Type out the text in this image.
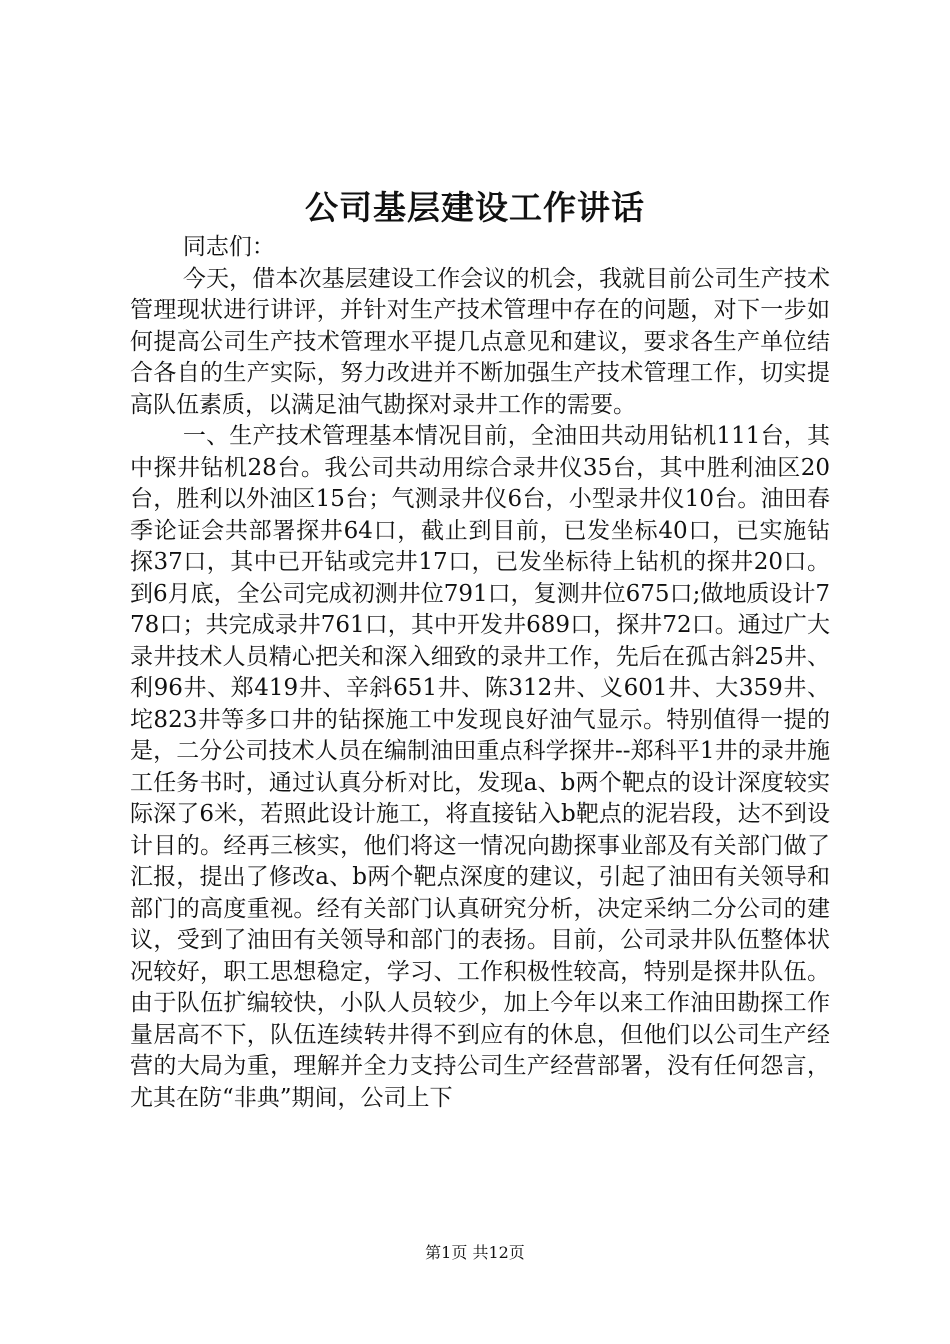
公司基层建设工作讲话

同志们：

今天，借本次基层建设工作会议的机会，我就目前公司生产技术管理现状进行讲评，并针对生产技术管理中存在的问题，对下一步如何提高公司生产技术管理水平提几点意见和建议，要求各生产单位结合各自的生产实际，努力改进并不断加强生产技术管理工作，切实提高队伍素质，以满足油气勘探对录井工作的需要。

一、生产技术管理基本情况目前，全油田共动用钻机111台，其中探井钻机28台。我公司共动用综合录井仪35台，其中胜利油区20台，胜利以外油区15台；气测录井仪6台，小型录井仪10台。油田春季论证会共部署探井64口，截止到目前，已发坐标40口，已实施钻探37口，其中已开钻或完井17口，已发坐标待上钻机的探井20口。到6月底，全公司完成初测井位791口，复测井位675口;做地质设计778口；共完成录井761口，其中开发井689口，探井72口。通过广大录井技术人员精心把关和深入细致的录井工作，先后在孤古斜25井、利96井、郑419井、辛斜651井、陈312井、义601井、大359井、坨823井等多口井的钻探施工中发现良好油气显示。特别值得一提的是，二分公司技术人员在编制油田重点科学探井--郑科平1井的录井施工任务书时，通过认真分析对比，发现a、b两个靶点的设计深度较实际深了6米，若照此设计施工，将直接钻入b靶点的泥岩段，达不到设计目的。经再三核实，他们将这一情况向勘探事业部及有关部门做了汇报，提出了修改a、b两个靶点深度的建议，引起了油田有关领导和部门的高度重视。经有关部门认真研究分析，决定采纳二分公司的建议，受到了油田有关领导和部门的表扬。目前，公司录井队伍整体状况较好，职工思想稳定，学习、工作积极性较高，特别是探井队伍。由于队伍扩编较快，小队人员较少，加上今年以来工作油田勘探工作量居高不下，队伍连续转井得不到应有的休息，但他们以公司生产经营的大局为重，理解并全力支持公司生产经营部署，没有任何怨言，尤其在防“非典”期间，公司上下

第1页 共12页
